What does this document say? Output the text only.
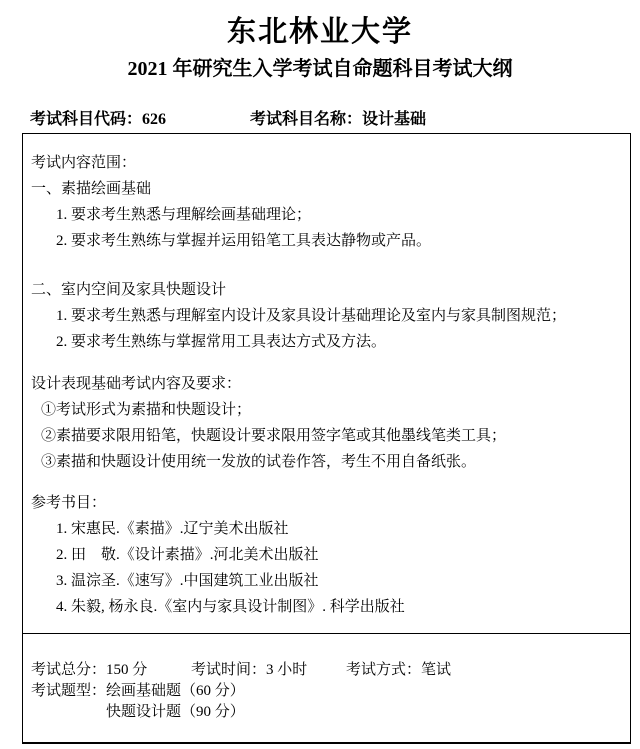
东北林业大学
2021 年研究生入学考试自命题科目考试大纲
考试科目代码：626	考试科目名称：设计基础
考试内容范围：
一、素描绘画基础
1. 要求考生熟悉与理解绘画基础理论；
2. 要求考生熟练与掌握并运用铅笔工具表达静物或产品。
二、室内空间及家具快题设计
1. 要求考生熟悉与理解室内设计及家具设计基础理论及室内与家具制图规范；
2. 要求考生熟练与掌握常用工具表达方式及方法。
设计表现基础考试内容及要求：
①考试形式为素描和快题设计；
②素描要求限用铅笔，快题设计要求限用签字笔或其他墨线笔类工具；
③素描和快题设计使用统一发放的试卷作答，考生不用自备纸张。
参考书目：
1. 宋惠民.《素描》.辽宁美术出版社
2. 田　敬.《设计素描》.河北美术出版社
3. 温淙圣.《速写》.中国建筑工业出版社
4. 朱毅, 杨永良.《室内与家具设计制图》. 科学出版社
考试总分：150 分	考试时间：3 小时	考试方式：笔试
考试题型：绘画基础题（60 分）
快题设计题（90 分）
